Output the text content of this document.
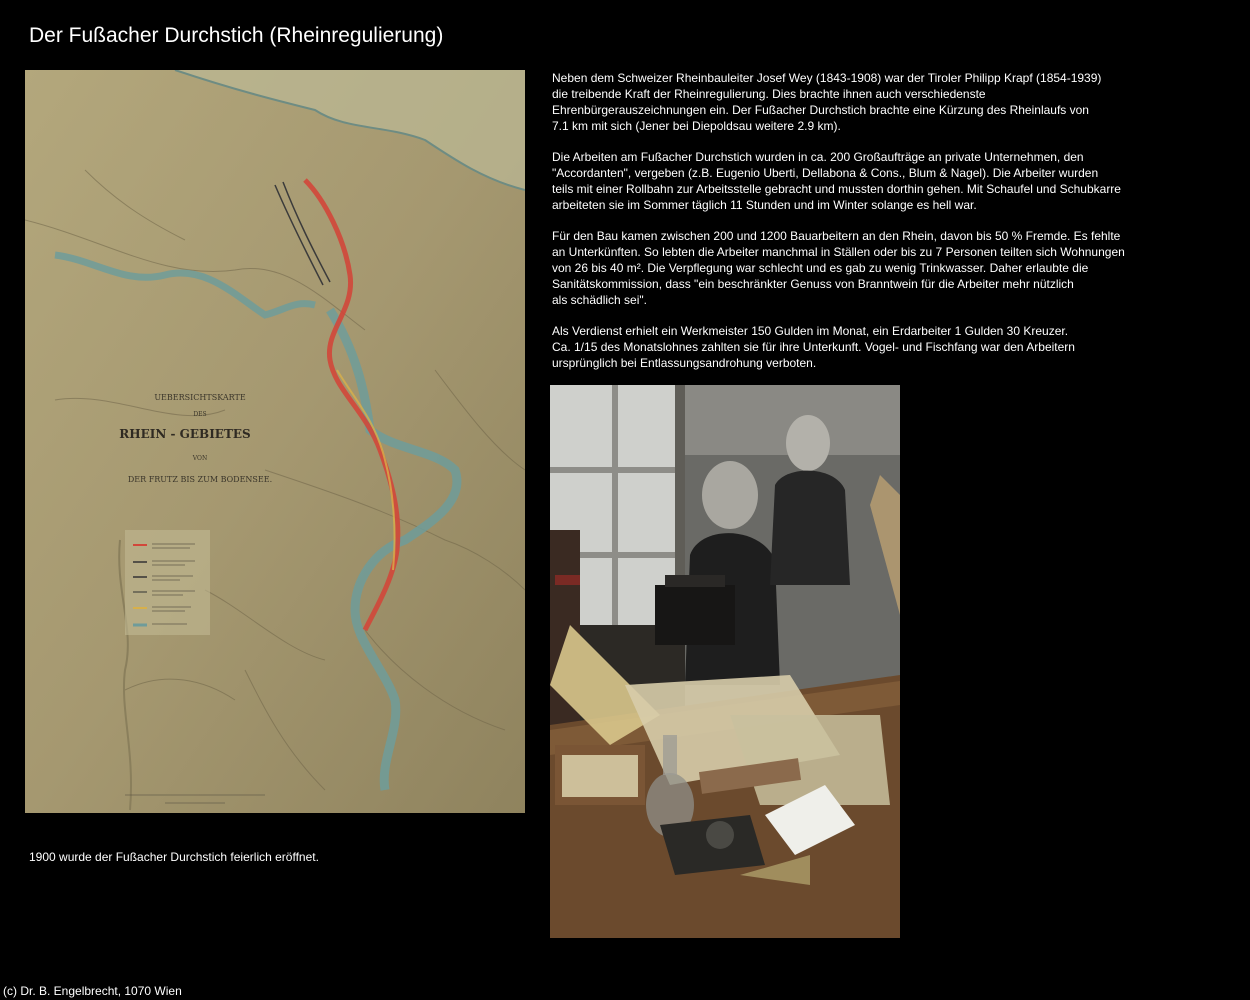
Der Fußacher Durchstich (Rheinregulierung)
UEBERSICHTSKARTE
DES
RHEIN - GEBIETES
VON
DER FRUTZ BIS ZUM BODENSEE.

Neben dem Schweizer Rheinbauleiter Josef Wey (1843-1908) war der Tiroler Philipp Krapf (1854-1939)
die treibende Kraft der Rheinregulierung. Dies brachte ihnen auch verschiedenste
Ehrenbürgerauszeichnungen ein. Der Fußacher Durchstich brachte eine Kürzung des Rheinlaufs von
7.1 km mit sich (Jener bei Diepoldsau weitere 2.9 km).

Die Arbeiten am Fußacher Durchstich wurden in ca. 200 Großaufträge an private Unternehmen, den
"Accordanten", vergeben (z.B. Eugenio Uberti, Dellabona & Cons., Blum & Nagel). Die Arbeiter wurden
teils mit einer Rollbahn zur Arbeitsstelle gebracht und mussten dorthin gehen. Mit Schaufel und Schubkarre
arbeiteten sie im Sommer täglich 11 Stunden und im Winter solange es hell war.

Für den Bau kamen zwischen 200 und 1200 Bauarbeitern an den Rhein, davon bis 50 % Fremde. Es fehlte
an Unterkünften. So lebten die Arbeiter manchmal in Ställen oder bis zu 7 Personen teilten sich Wohnungen
von 26 bis 40 m². Die Verpflegung war schlecht und es gab zu wenig Trinkwasser. Daher erlaubte die
Sanitätskommission, dass "ein beschränkter Genuss von Branntwein für die Arbeiter mehr nützlich
als schädlich sei".

Als Verdienst erhielt ein Werkmeister 150 Gulden im Monat, ein Erdarbeiter 1 Gulden 30 Kreuzer.
Ca. 1/15 des Monatslohnes zahlten sie für ihre Unterkunft. Vogel- und Fischfang war den Arbeitern
ursprünglich bei Entlassungsandrohung verboten.

1900 wurde der Fußacher Durchstich feierlich eröffnet.
(c) Dr. B. Engelbrecht, 1070 Wien
